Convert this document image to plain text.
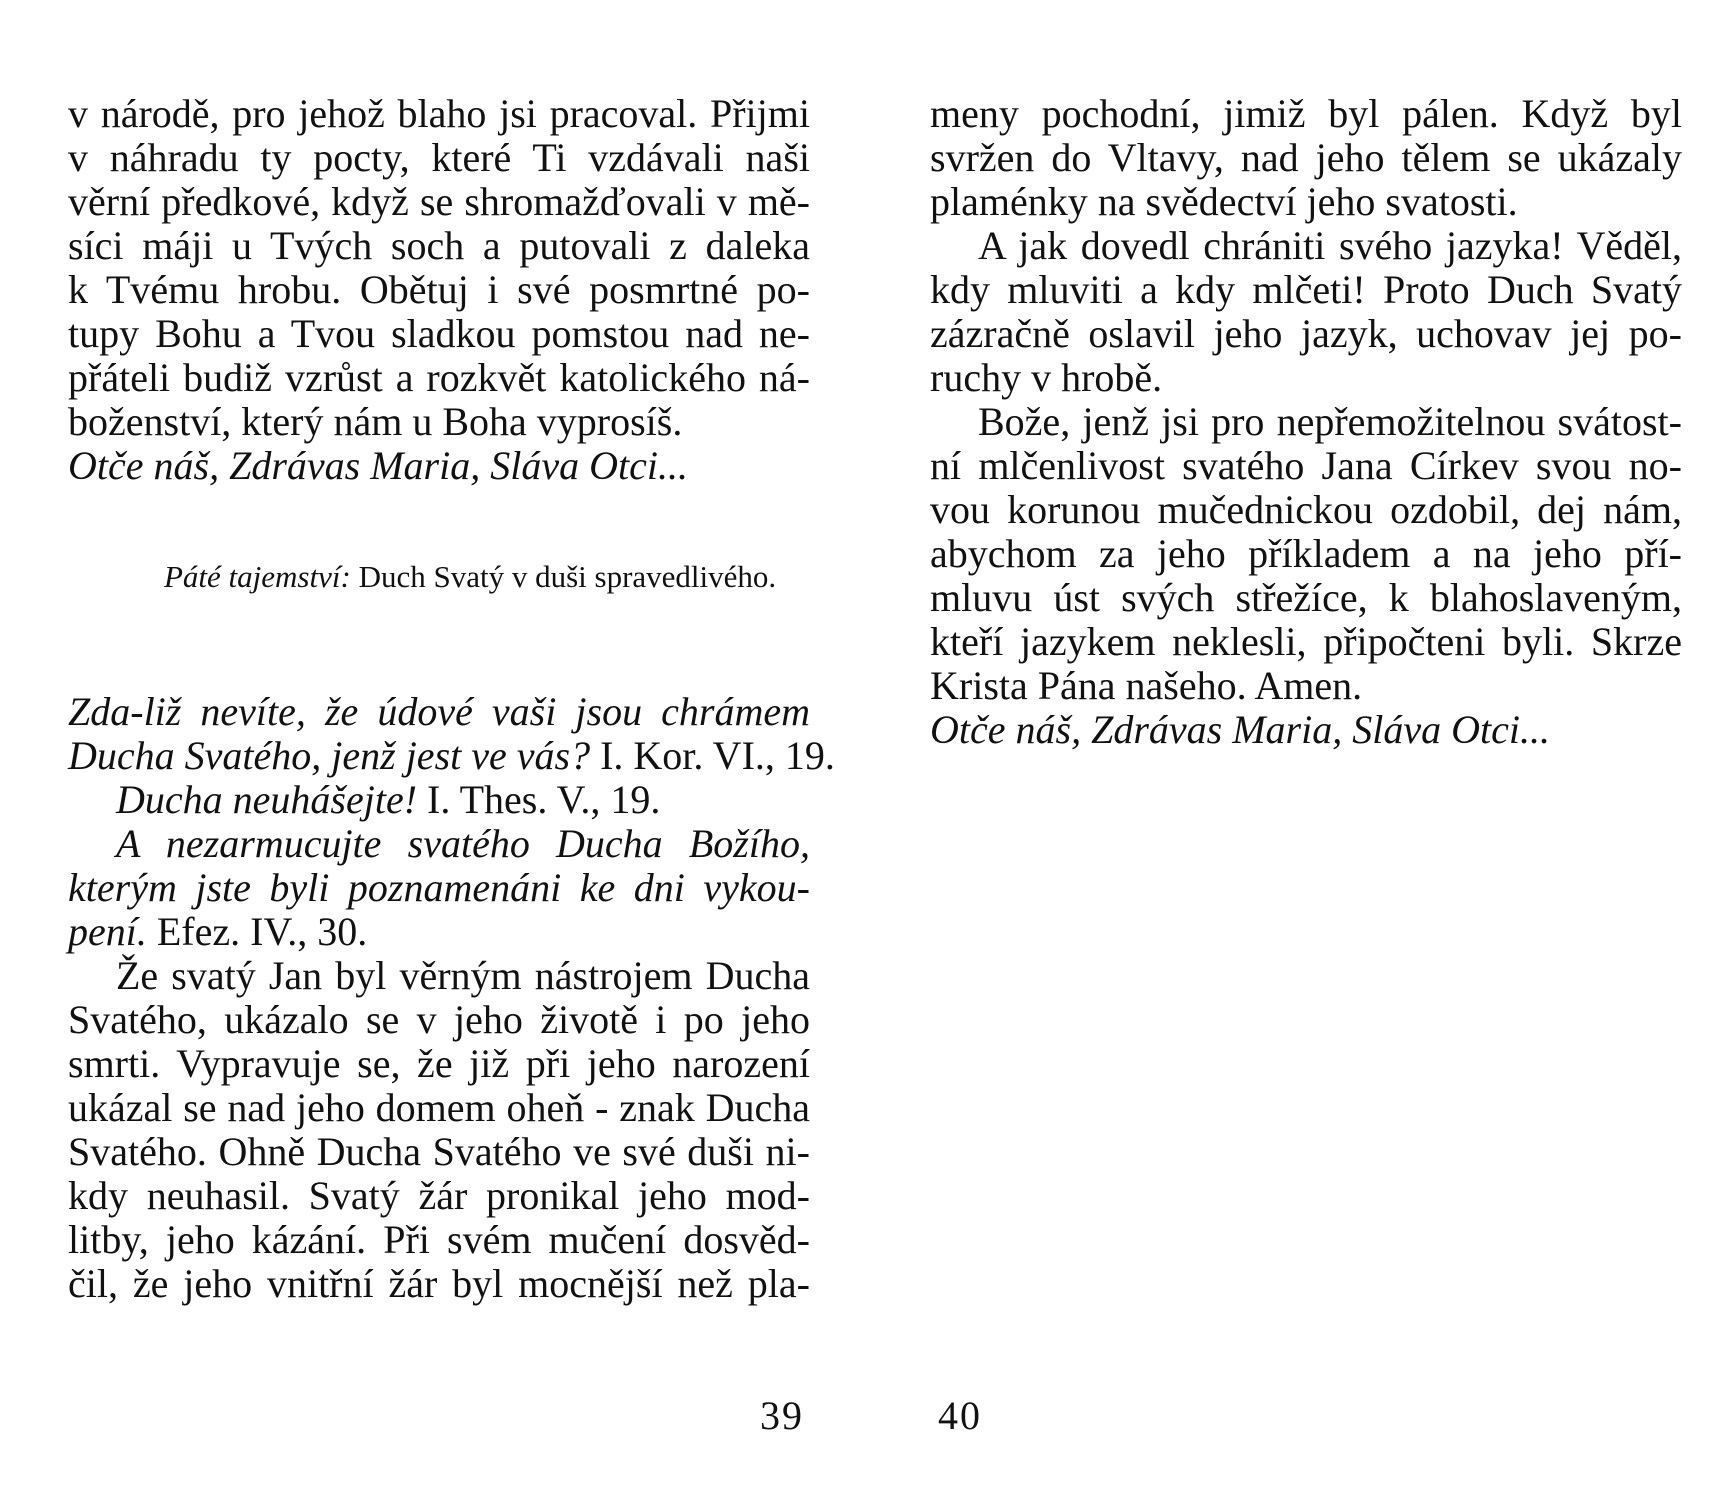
v národě, pro jehož blaho jsi pracoval. Přijmi

v náhradu ty pocty, které Ti vzdávali naši

věrní předkové, když se shromažďovali v mě-

síci máji u Tvých soch a putovali z daleka

k Tvému hrobu. Obětuj i své posmrtné po-

tupy Bohu a Tvou sladkou pomstou nad ne-

přáteli budiž vzrůst a rozkvět katolického ná-

boženství, který nám u Boha vyprosíš.

Otče náš, Zdrávas Maria, Sláva Otci...

Páté tajemství: Duch Svatý v duši spravedlivého.

Zda-liž nevíte, že údové vaši jsou chrámem

Ducha Svatého, jenž jest ve vás? I. Kor. VI., 19.

Ducha neuhášejte! I. Thes. V., 19.

A nezarmucujte svatého Ducha Božího,

kterým jste byli poznamenáni ke dni vykou-

pení. Efez. IV., 30.

Že svatý Jan byl věrným nástrojem Ducha

Svatého, ukázalo se v jeho životě i po jeho

smrti. Vypravuje se, že již při jeho narození

ukázal se nad jeho domem oheň - znak Ducha

Svatého. Ohně Ducha Svatého ve své duši ni-

kdy neuhasil. Svatý žár pronikal jeho mod-

litby, jeho kázání. Při svém mučení dosvěd-

čil, že jeho vnitřní žár byl mocnější než pla-

39

meny pochodní, jimiž byl pálen. Když byl

svržen do Vltavy, nad jeho tělem se ukázaly

plaménky na svědectví jeho svatosti.

A jak dovedl chrániti svého jazyka! Věděl,

kdy mluviti a kdy mlčeti! Proto Duch Svatý

zázračně oslavil jeho jazyk, uchovav jej po-

ruchy v hrobě.

Bože, jenž jsi pro nepřemožitelnou svátost-

ní mlčenlivost svatého Jana Církev svou no-

vou korunou mučednickou ozdobil, dej nám,

abychom za jeho příkladem a na jeho pří-

mluvu úst svých střežíce, k blahoslaveným,

kteří jazykem neklesli, připočteni byli. Skrze

Krista Pána našeho. Amen.

Otče náš, Zdrávas Maria, Sláva Otci...

40
